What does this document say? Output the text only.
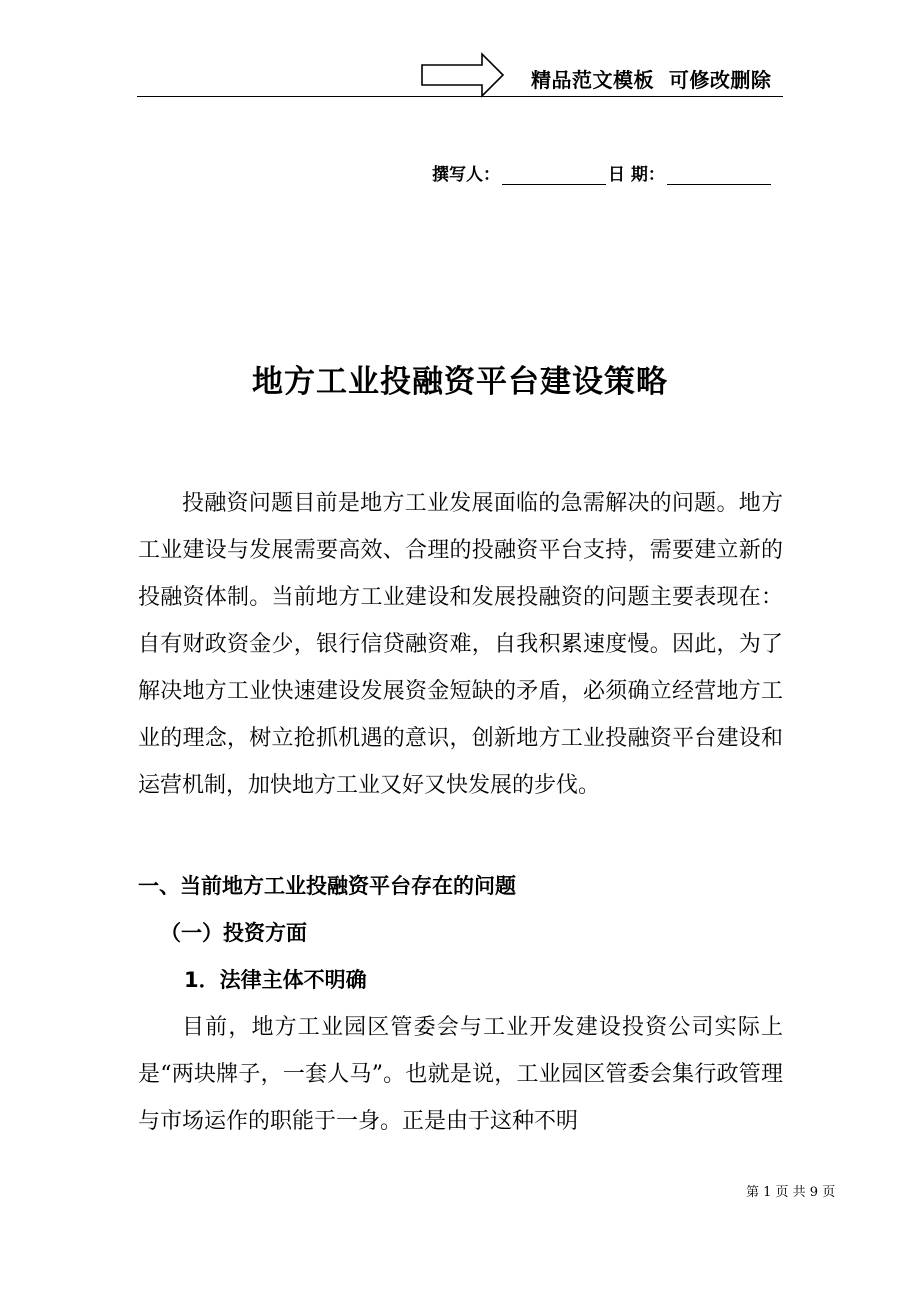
精品范文模板  可修改删除
撰写人：	日 期：
地方工业投融资平台建设策略

投融资问题目前是地方工业发展面临的急需解决的问题。地方工业建设与发展需要高效、合理的投融资平台支持，需要建立新的投融资体制。当前地方工业建设和发展投融资的问题主要表现在：自有财政资金少，银行信贷融资难，自我积累速度慢。因此，为了解决地方工业快速建设发展资金短缺的矛盾，必须确立经营地方工业的理念，树立抢抓机遇的意识，创新地方工业投融资平台建设和运营机制，加快地方工业又好又快发展的步伐。

一、当前地方工业投融资平台存在的问题
（一）投资方面
1．法律主体不明确

目前，地方工业园区管委会与工业开发建设投资公司实际上是“两块牌子，一套人马”。也就是说，工业园区管委会集行政管理与市场运作的职能于一身。正是由于这种不明

第 1 页 共 9 页
